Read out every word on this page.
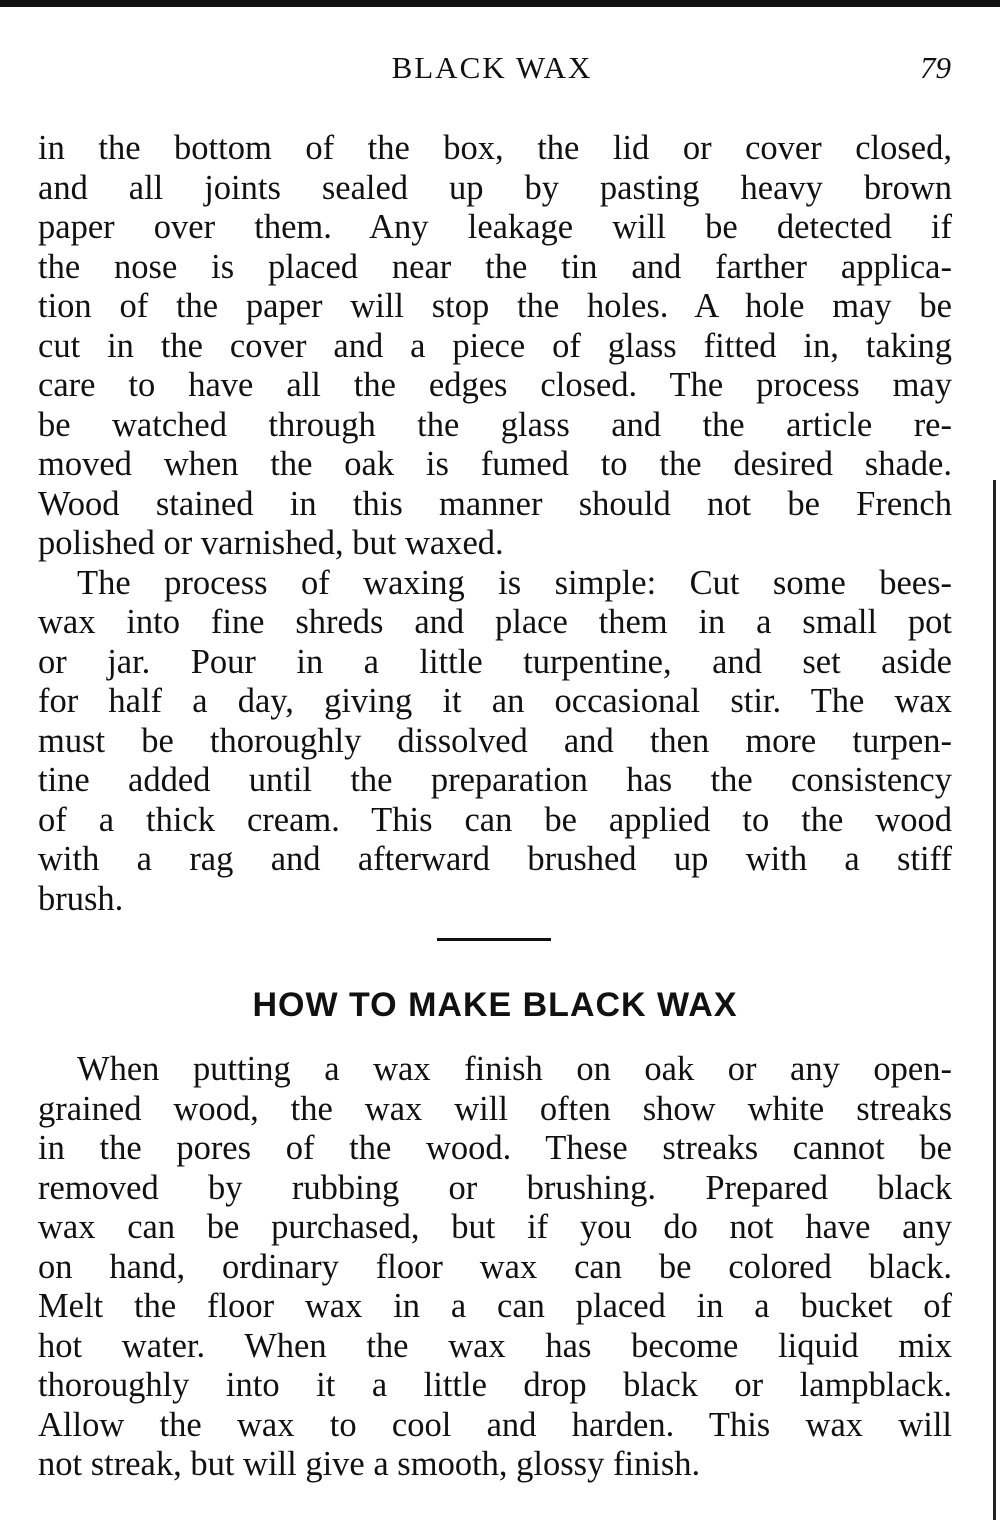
BLACK WAX	79
in the bottom of the box, the lid or cover closed,
and all joints sealed up by pasting heavy brown
paper over them. Any leakage will be detected if
the nose is placed near the tin and farther applica-
tion of the paper will stop the holes. A hole may be
cut in the cover and a piece of glass fitted in, taking
care to have all the edges closed. The process may
be watched through the glass and the article re-
moved when the oak is fumed to the desired shade.
Wood stained in this manner should not be French
polished or varnished, but waxed.
The process of waxing is simple: Cut some bees-
wax into fine shreds and place them in a small pot
or jar. Pour in a little turpentine, and set aside
for half a day, giving it an occasional stir. The wax
must be thoroughly dissolved and then more turpen-
tine added until the preparation has the consistency
of a thick cream. This can be applied to the wood
with a rag and afterward brushed up with a stiff
brush.
HOW TO MAKE BLACK WAX
When putting a wax finish on oak or any open-
grained wood, the wax will often show white streaks
in the pores of the wood. These streaks cannot be
removed by rubbing or brushing. Prepared black
wax can be purchased, but if you do not have any
on hand, ordinary floor wax can be colored black.
Melt the floor wax in a can placed in a bucket of
hot water. When the wax has become liquid mix
thoroughly into it a little drop black or lampblack.
Allow the wax to cool and harden. This wax will
not streak, but will give a smooth, glossy finish.
